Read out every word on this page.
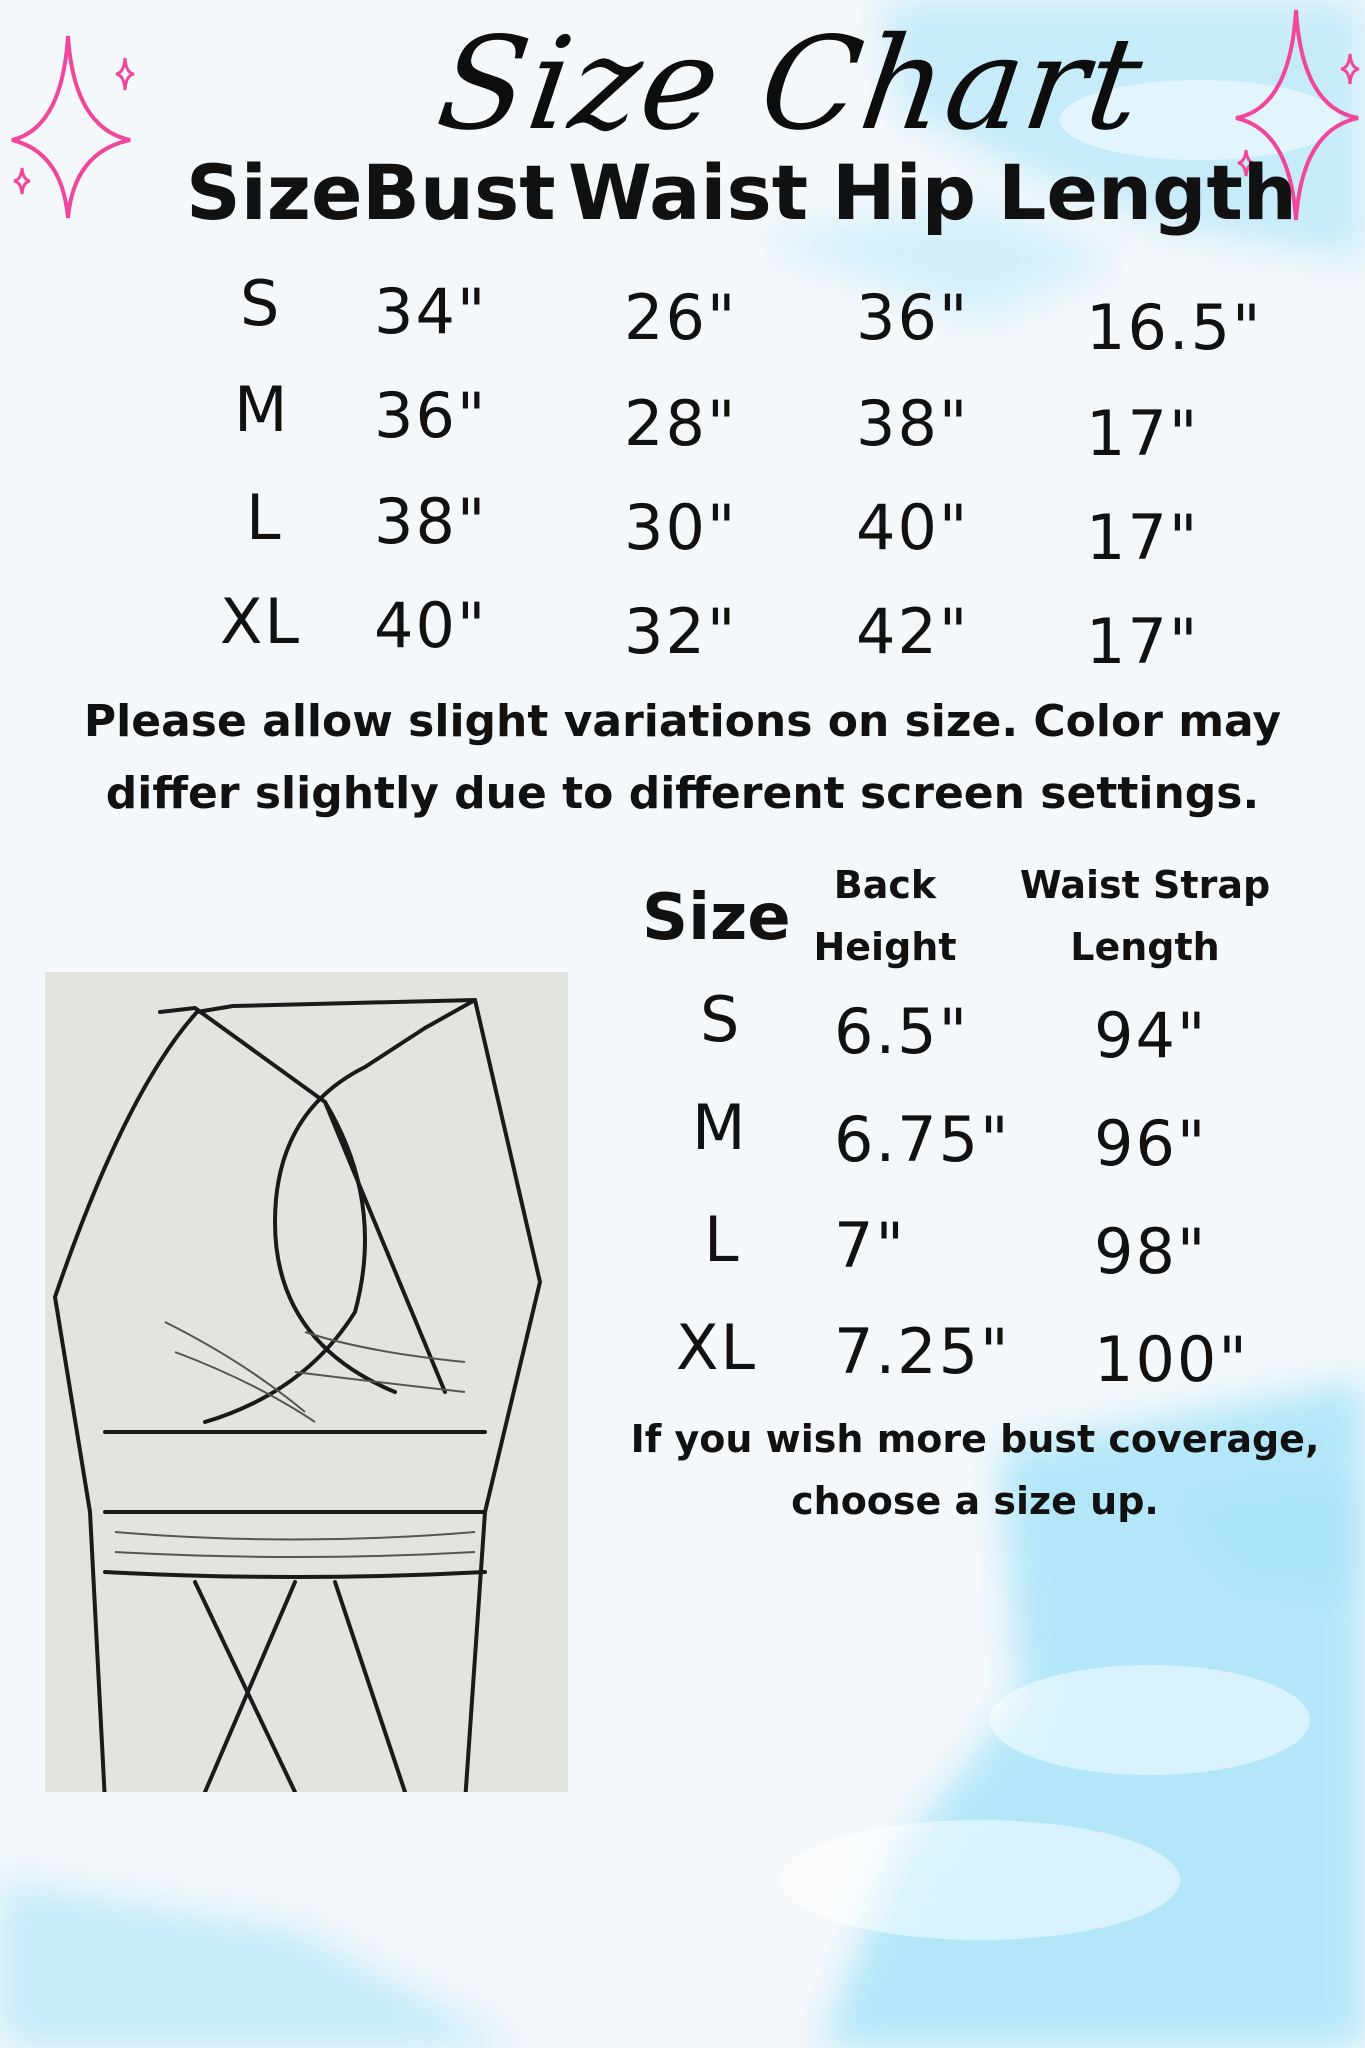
Size Chart
Size Bust Waist Hip Length
S 34" 26" 36" 16.5"
M 36" 28" 38" 17"
L 38" 30" 40" 17"
XL 40" 32" 42" 17"
Please allow slight variations on size. Color may
differ slightly due to different screen settings.
Size	Back
Height
Waist Strap
Length
S 6.5" 94"
M 6.75" 96"
L 7"	98"
XL 7.25" 100"
If you wish more bust coverage,
choose a size up.
